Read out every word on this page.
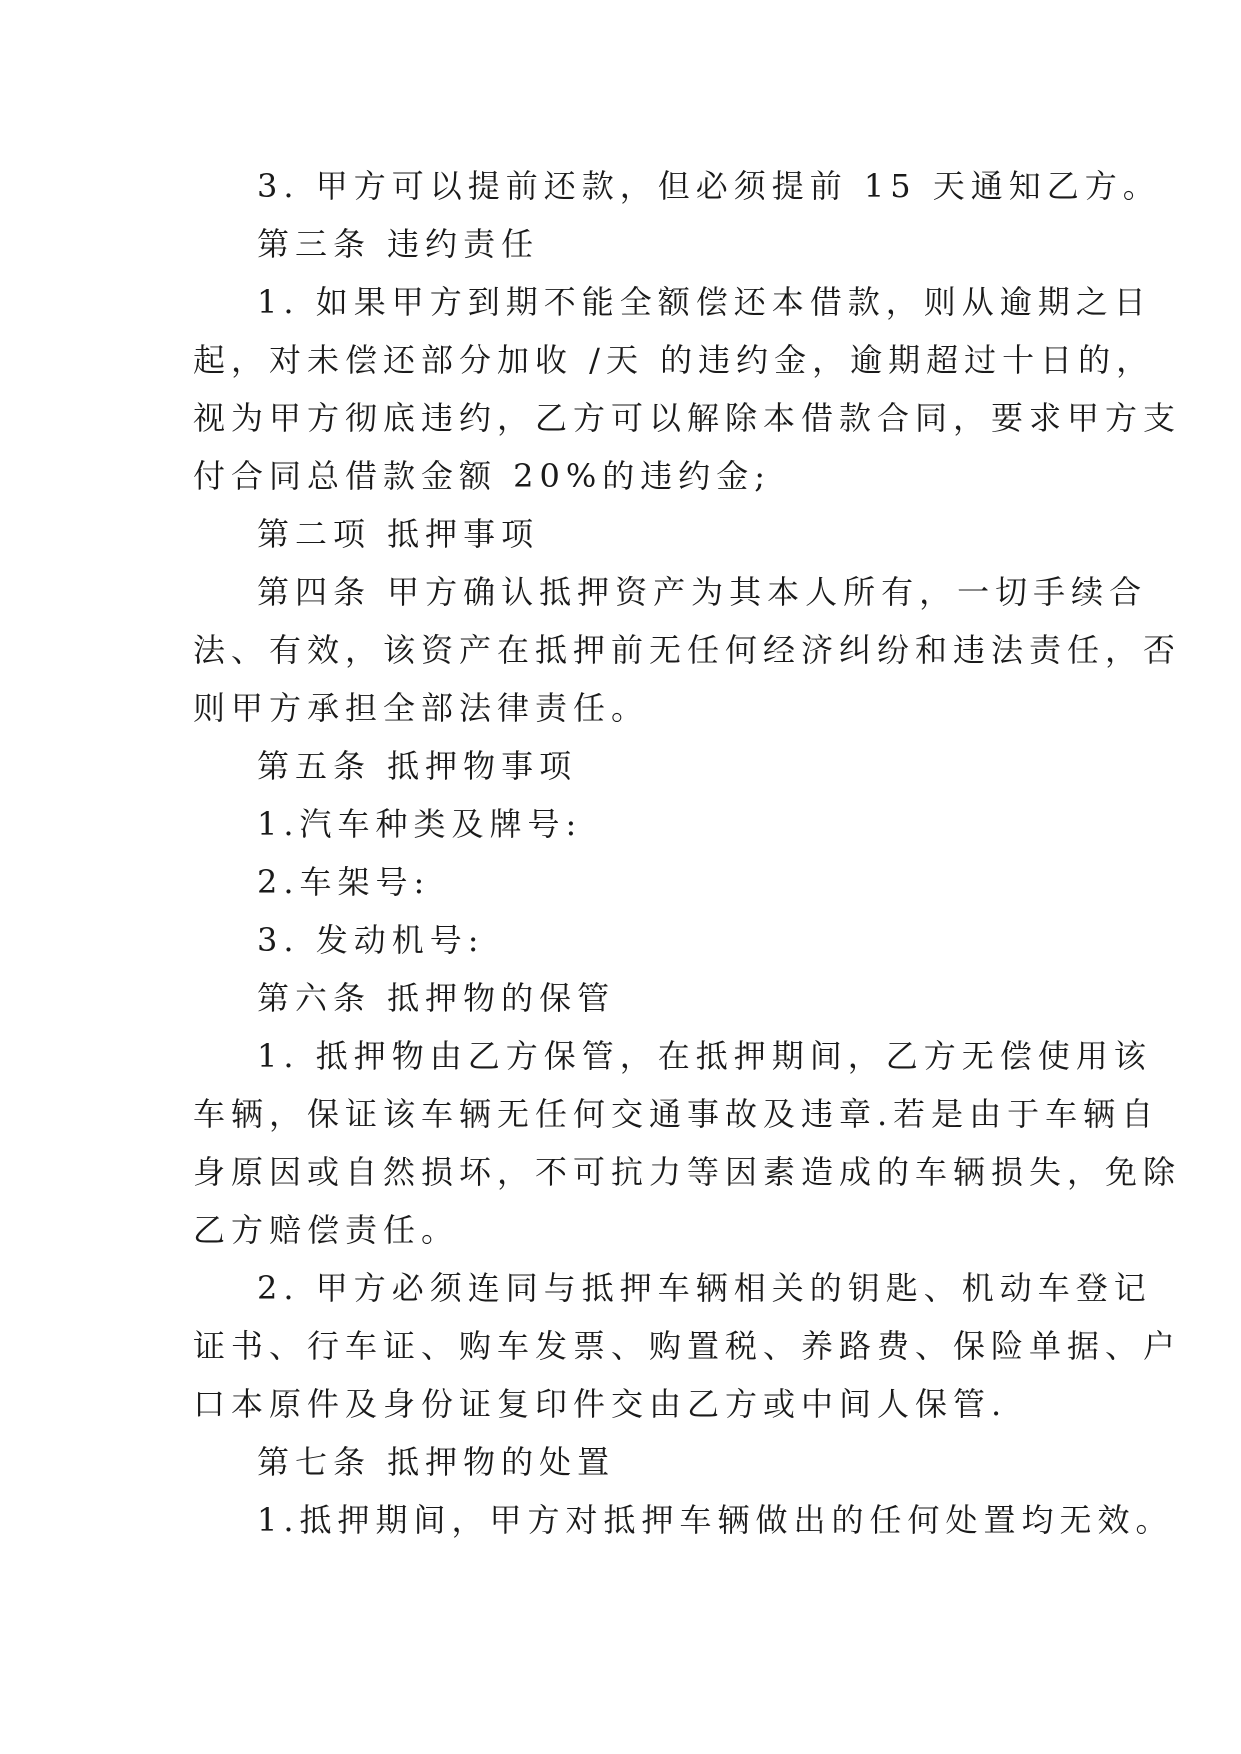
3. 甲方可以提前还款，但必须提前 15 天通知乙方。
第三条 违约责任
1. 如果甲方到期不能全额偿还本借款，则从逾期之日
起，对未偿还部分加收 /天 的违约金，逾期超过十日的，
视为甲方彻底违约，乙方可以解除本借款合同，要求甲方支
付合同总借款金额 20%的违约金;
第二项 抵押事项
第四条 甲方确认抵押资产为其本人所有，一切手续合
法、有效，该资产在抵押前无任何经济纠纷和违法责任，否
则甲方承担全部法律责任。
第五条 抵押物事项
1.汽车种类及牌号:
2.车架号:
3. 发动机号:
第六条 抵押物的保管
1. 抵押物由乙方保管，在抵押期间，乙方无偿使用该
车辆，保证该车辆无任何交通事故及违章.若是由于车辆自
身原因或自然损坏，不可抗力等因素造成的车辆损失，免除
乙方赔偿责任。
2. 甲方必须连同与抵押车辆相关的钥匙、机动车登记
证书、行车证、购车发票、购置税、养路费、保险单据、户
口本原件及身份证复印件交由乙方或中间人保管.
第七条 抵押物的处置
1.抵押期间，甲方对抵押车辆做出的任何处置均无效。
